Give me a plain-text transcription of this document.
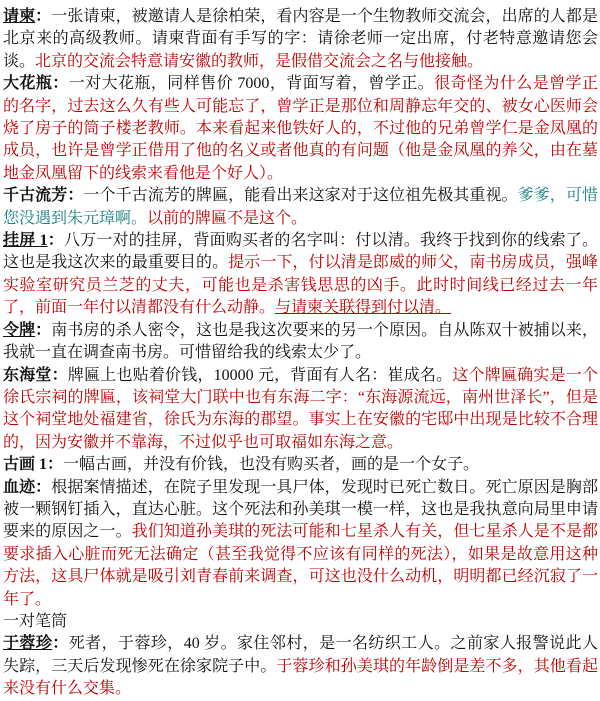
请柬：一张请柬，被邀请人是徐柏荣，看内容是一个生物教师交流会，出席的人都是北京来的高级教师。请柬背面有手写的字：请徐老师一定出席，付老特意邀请您会谈。北京的交流会特意请安徽的教师，是假借交流会之名与他接触。

大花瓶：一对大花瓶，同样售价 7000，背面写着，曾学正。很奇怪为什么是曾学正的名字，过去这么久有些人可能忘了，曾学正是那位和周静忘年交的、被女心医师会烧了房子的筒子楼老教师。本来看起来他铁好人的，不过他的兄弟曾学仁是金凤凰的成员，也许是曾学正借用了他的名义或者他真的有问题（他是金凤凰的养父，由在墓地金凤凰留下的线索来看他是个好人）。

千古流芳：一个千古流芳的牌匾，能看出来这家对于这位祖先极其重视。爹爹，可惜您没遇到朱元璋啊。以前的牌匾不是这个。

挂屏 1：八万一对的挂屏，背面购买者的名字叫：付以清。我终于找到你的线索了。这也是我这次来的最重要目的。提示一下，付以清是郎威的师父，南书房成员，强峰实验室研究员兰芝的丈夫，可能也是杀害钱思思的凶手。此时时间线已经过去一年了，前面一年付以清都没有什么动静。与请柬关联得到付以清。

令牌：南书房的杀人密令，这也是我这次要来的另一个原因。自从陈双十被捕以来，我就一直在调查南书房。可惜留给我的线索太少了。

东海堂：牌匾上也贴着价钱，10000 元，背面有人名：崔成名。这个牌匾确实是一个徐氏宗祠的牌匾，该祠堂大门联中也有东海二字：“东海源流远，南州世泽长”，但是这个祠堂地处福建省，徐氏为东海的郡望。事实上在安徽的宅邸中出现是比较不合理的，因为安徽并不靠海，不过似乎也可取福如东海之意。

古画 1：一幅古画，并没有价钱，也没有购买者，画的是一个女子。

血迹：根据案情描述，在院子里发现一具尸体，发现时已死亡数日。死亡原因是胸部被一颗钢钉插入，直达心脏。这个死法和孙美琪一模一样，这也是我执意向局里申请要来的原因之一。我们知道孙美琪的死法可能和七星杀人有关，但七星杀人是不是都要求插入心脏而死无法确定（甚至我觉得不应该有同样的死法），如果是故意用这种方法，这具尸体就是吸引刘青春前来调查，可这也没什么动机，明明都已经沉寂了一年了。

一对笔筒

于蓉珍：死者，于蓉珍，40 岁。家住邻村，是一名纺织工人。之前家人报警说此人失踪，三天后发现惨死在徐家院子中。于蓉珍和孙美琪的年龄倒是差不多，其他看起来没有什么交集。
